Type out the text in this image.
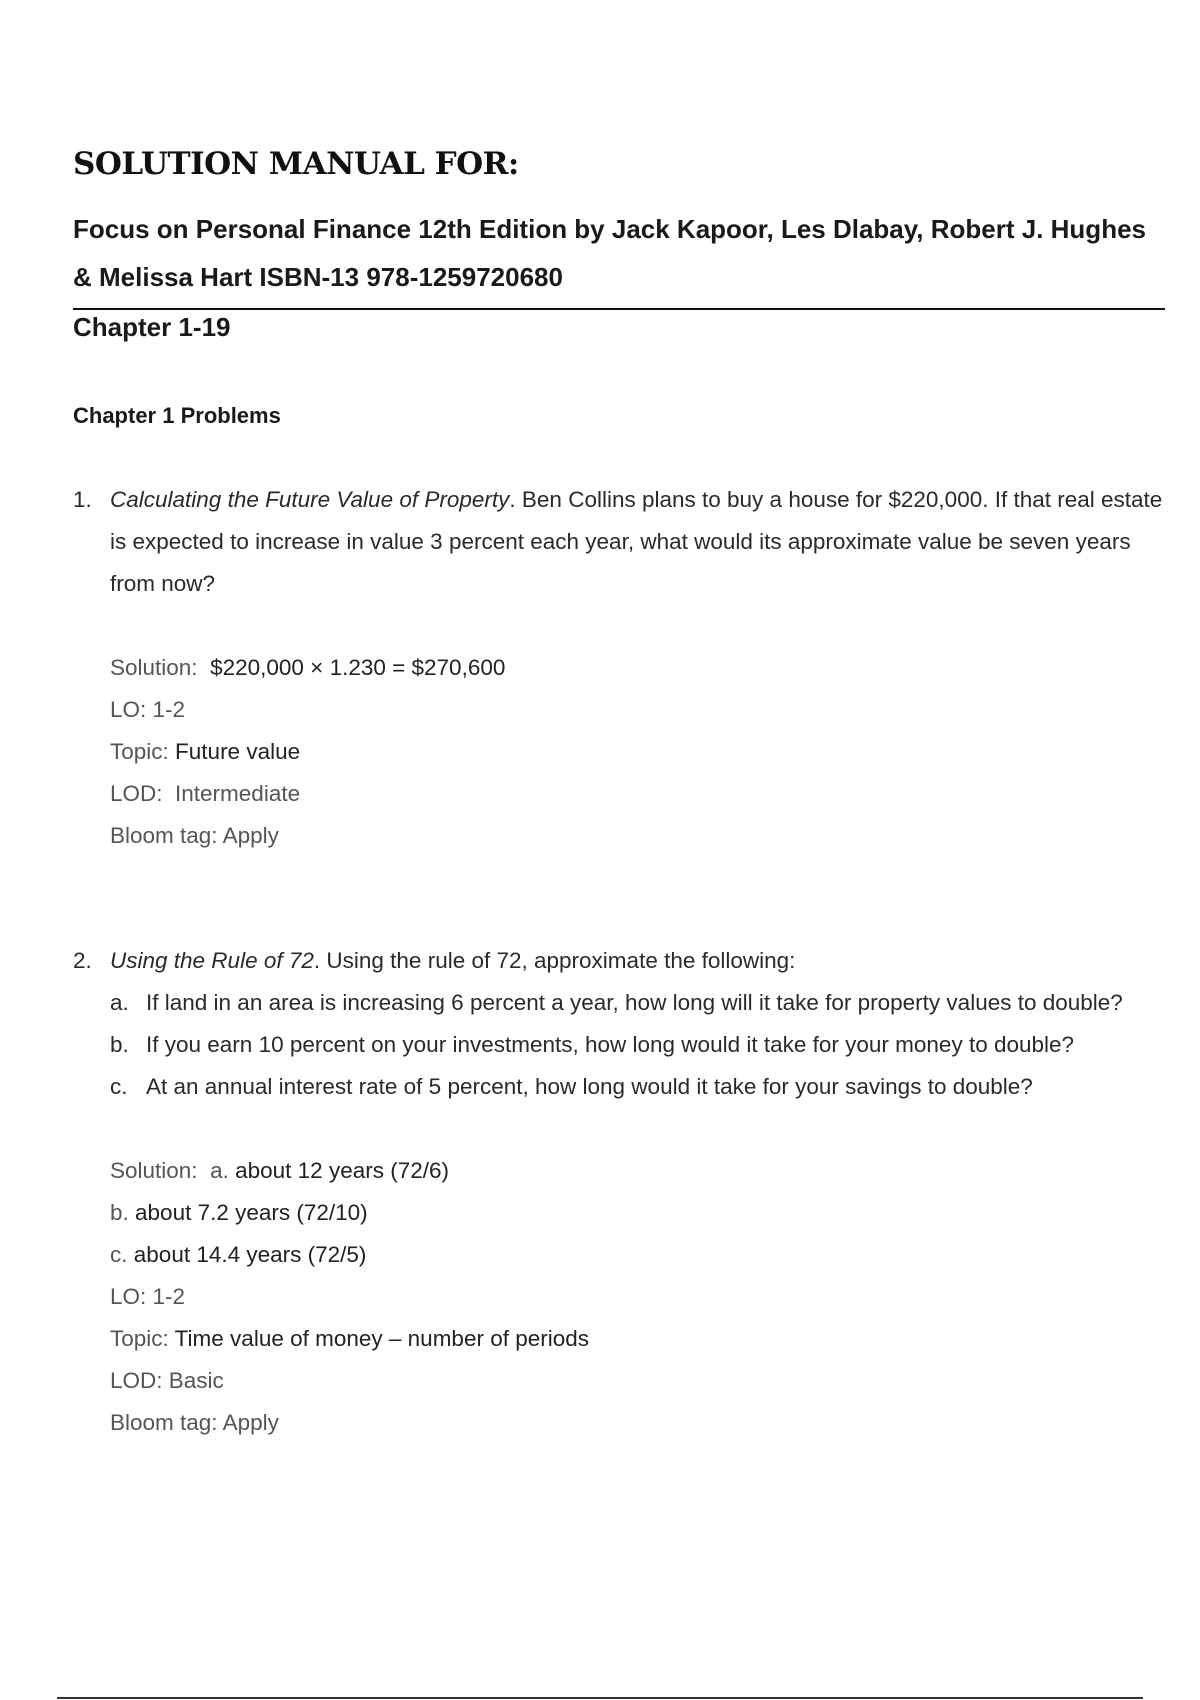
SOLUTION MANUAL FOR:

Focus on Personal Finance 12th Edition by Jack Kapoor, Les Dlabay, Robert J. Hughes & Melissa Hart ISBN-13 978-1259720680

Chapter 1-19
Chapter 1 Problems
1. Calculating the Future Value of Property. Ben Collins plans to buy a house for $220,000. If that real estate is expected to increase in value 3 percent each year, what would its approximate value be seven years from now?
Solution: $220,000 × 1.230 = $270,600
LO: 1-2
Topic: Future value
LOD: Intermediate
Bloom tag: Apply
2. Using the Rule of 72. Using the rule of 72, approximate the following:
a. If land in an area is increasing 6 percent a year, how long will it take for property values to double?
b. If you earn 10 percent on your investments, how long would it take for your money to double?
c. At an annual interest rate of 5 percent, how long would it take for your savings to double?
Solution: a. about 12 years (72/6)
b. about 7.2 years (72/10)
c. about 14.4 years (72/5)
LO: 1-2
Topic: Time value of money – number of periods
LOD: Basic
Bloom tag: Apply
